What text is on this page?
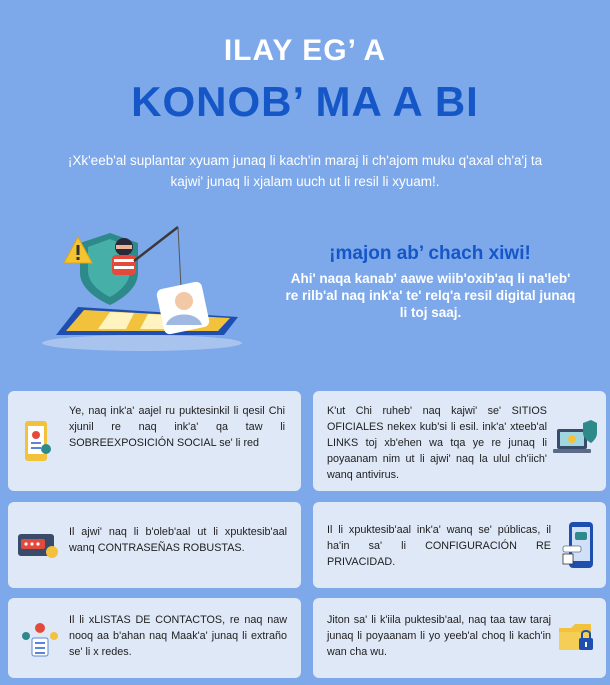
ILAY EG’ A
KONOB’ MA A BI
¡Xk'eeb'al suplantar xyuam junaq li kach'in maraj li ch'ajom muku q'axal ch'a'j ta kajwi' junaq li xjalam uuch ut li resil li xyuam!.
¡majon ab’ chach xiwi!
Ahi' naqa kanab' aawe wiib'oxib'aq li na'leb' re rilb'al naq ink'a' te' relq'a resil digital junaq li toj saaj.
Ye, naq ink'a' aajel ru puktesinkil li qesil Chi xjunil re naq ink'a' qa taw li SOBREEXPOSICIÓN SOCIAL se' li red
K'ut Chi ruheb' naq kajwi' se' SITIOS OFICIALES nekex kub'si li esil. ink'a' xteeb'al LINKS toj xb'ehen wa tqa ye re junaq li poyaanam nim ut li ajwi' naq la ulul ch'iich' wanq antivirus.
Il ajwi' naq li b'oleb'aal ut li xpuktesib'aal wanq CONTRASEÑAS ROBUSTAS.
Il li xpuktesib'aal ink'a' wanq se' públicas, il ha'in sa' li CONFIGURACIÓN RE PRIVACIDAD.
Il li xLISTAS DE CONTACTOS, re naq naw nooq aa b'ahan naq Maak'a' junaq li extraño se' li x redes.
Jiton sa' li k'iila puktesib'aal, naq taa taw taraj junaq li poyaanam li yo yeeb'al choq li kach'in wan cha wu.
